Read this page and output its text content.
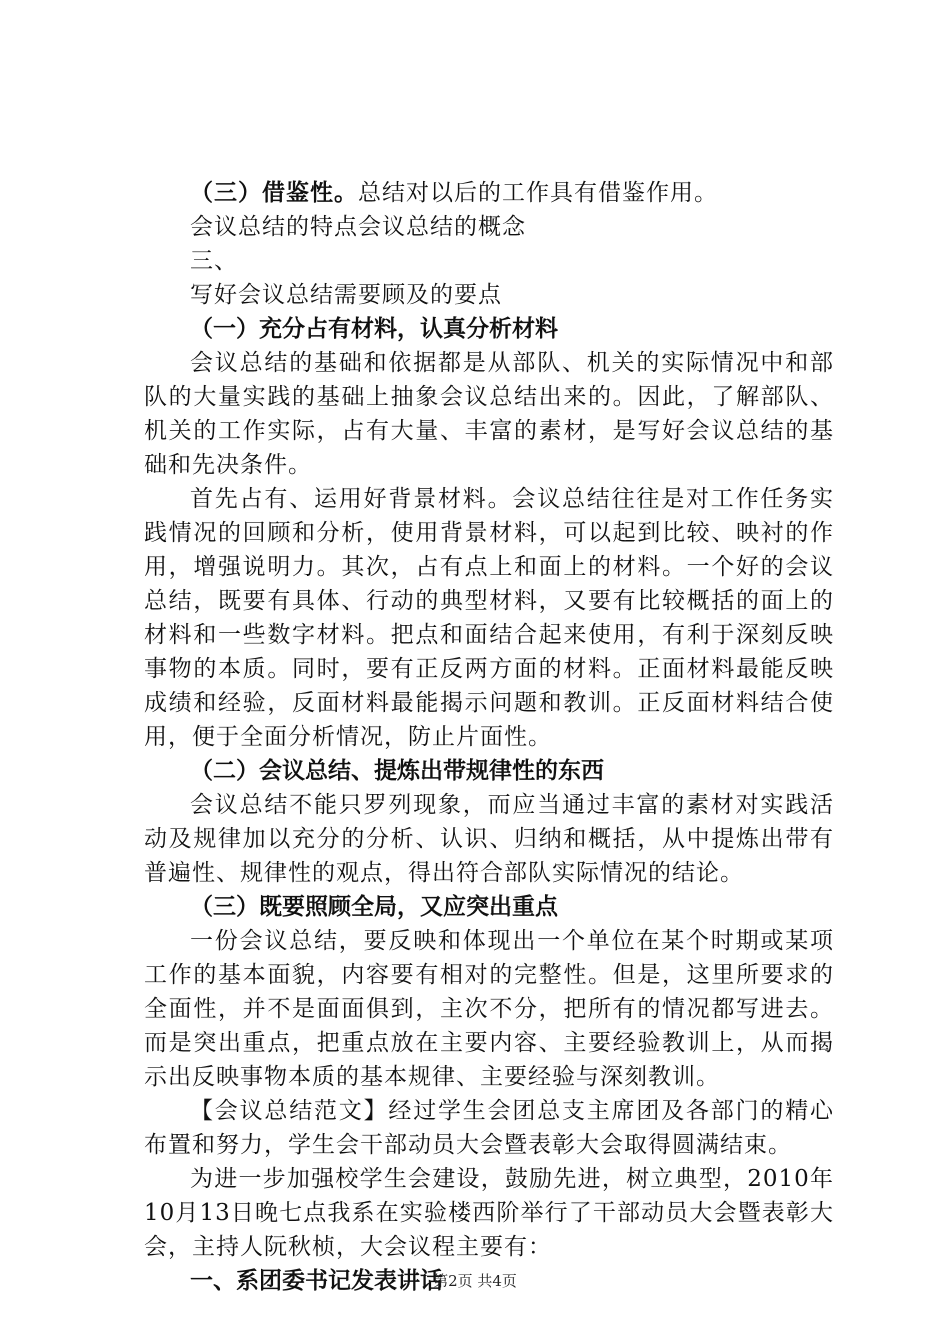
（三）借鉴性。总结对以后的工作具有借鉴作用。
会议总结的特点会议总结的概念
三、
写好会议总结需要顾及的要点
（一）充分占有材料，认真分析材料
会议总结的基础和依据都是从部队、机关的实际情况中和部队的大量实践的基础上抽象会议总结出来的。因此，了解部队、机关的工作实际，占有大量、丰富的素材，是写好会议总结的基础和先决条件。
首先占有、运用好背景材料。会议总结往往是对工作任务实践情况的回顾和分析，使用背景材料，可以起到比较、映衬的作用，增强说明力。其次，占有点上和面上的材料。一个好的会议总结，既要有具体、行动的典型材料，又要有比较概括的面上的材料和一些数字材料。把点和面结合起来使用，有利于深刻反映事物的本质。同时，要有正反两方面的材料。正面材料最能反映成绩和经验，反面材料最能揭示问题和教训。正反面材料结合使用，便于全面分析情况，防止片面性。
（二）会议总结、提炼出带规律性的东西
会议总结不能只罗列现象，而应当通过丰富的素材对实践活动及规律加以充分的分析、认识、归纳和概括，从中提炼出带有普遍性、规律性的观点，得出符合部队实际情况的结论。
（三）既要照顾全局，又应突出重点
一份会议总结，要反映和体现出一个单位在某个时期或某项工作的基本面貌，内容要有相对的完整性。但是，这里所要求的全面性，并不是面面俱到，主次不分，把所有的情况都写进去。而是突出重点，把重点放在主要内容、主要经验教训上，从而揭示出反映事物本质的基本规律、主要经验与深刻教训。
【会议总结范文】经过学生会团总支主席团及各部门的精心布置和努力，学生会干部动员大会暨表彰大会取得圆满结束。
为进一步加强校学生会建设，鼓励先进，树立典型，2010年10月13日晚七点我系在实验楼西阶举行了干部动员大会暨表彰大会，主持人阮秋桢，大会议程主要有：
一、系团委书记发表讲话
第2页 共4页
